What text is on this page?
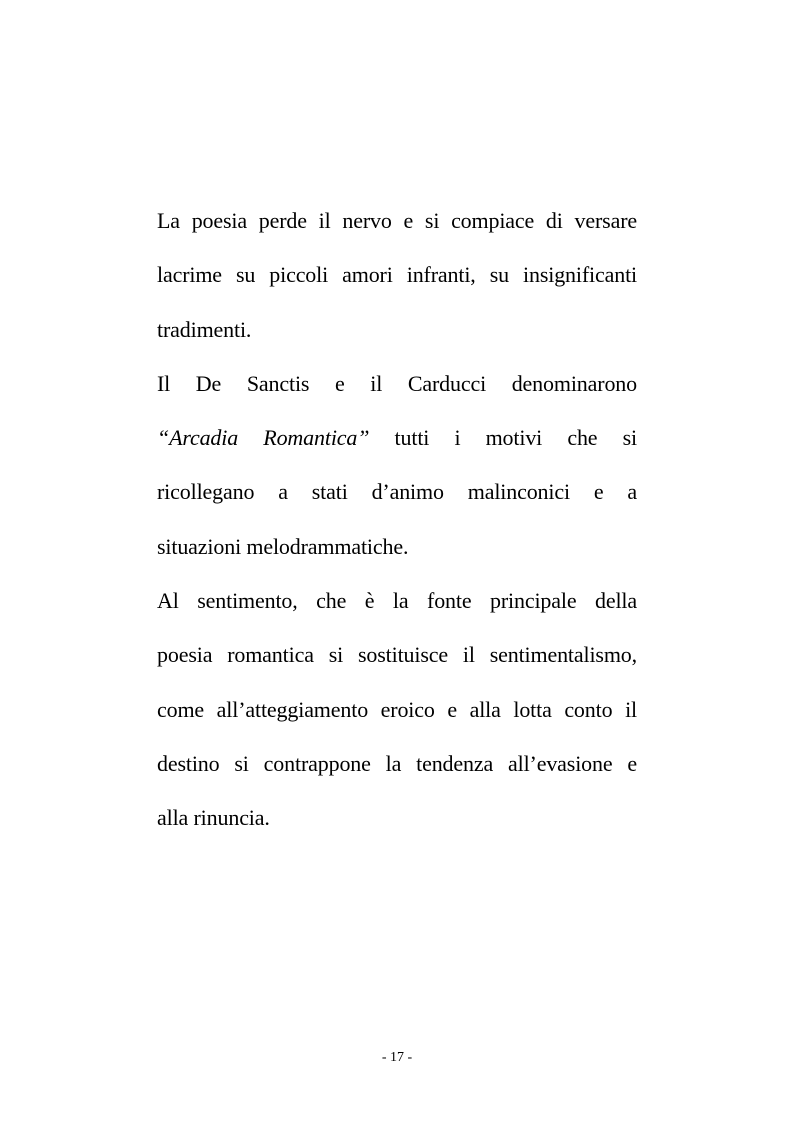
La poesia perde il nervo e si compiace di versare
lacrime su piccoli amori infranti, su insignificanti
tradimenti.

Il De Sanctis e il Carducci denominarono
“Arcadia Romantica” tutti i motivi che si
ricollegano a stati d’animo malinconici e a
situazioni melodrammatiche.

Al sentimento, che è la fonte principale della
poesia romantica si sostituisce il sentimentalismo,
come all’atteggiamento eroico e alla lotta conto il
destino si contrappone la tendenza all’evasione e
alla rinuncia.

- 17 -
